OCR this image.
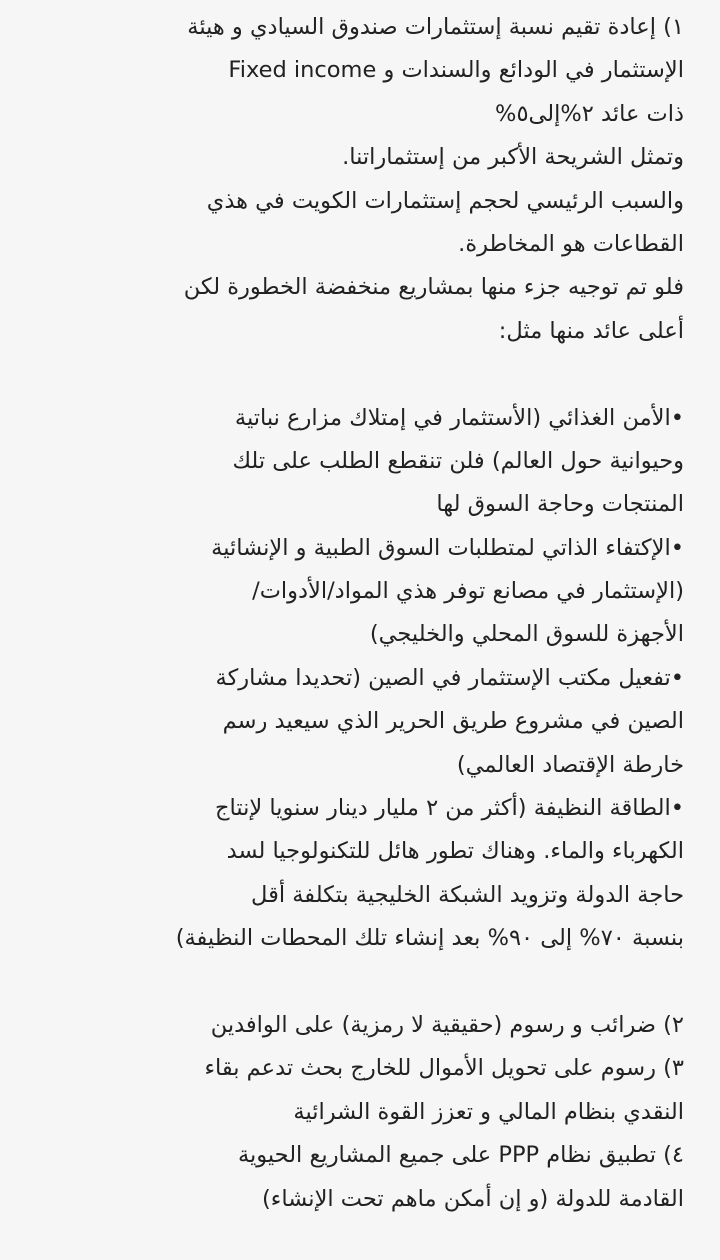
١) إعادة تقيم نسبة إستثمارات صندوق السيادي و هيئة
الإستثمار في الودائع والسندات و Fixed income
ذات عائد ٢%إلى٥%
وتمثل الشريحة الأكبر من إستثماراتنا.
والسبب الرئيسي لحجم إستثمارات الكويت في هذي
القطاعات هو المخاطرة.
فلو تم توجيه جزء منها بمشاريع منخفضة الخطورة لكن
أعلى عائد منها مثل:
•الأمن الغذائي (الأستثمار في إمتلاك مزارع نباتية
وحيوانية حول العالم) فلن تنقطع الطلب على تلك
المنتجات وحاجة السوق لها
•الإكتفاء الذاتي لمتطلبات السوق الطبية و الإنشائية
(الإستثمار في مصانع توفر هذي المواد/الأدوات/
الأجهزة للسوق المحلي والخليجي)
•تفعيل مكتب الإستثمار في الصين (تحديدا مشاركة
الصين في مشروع طريق الحرير الذي سيعيد رسم
خارطة الإقتصاد العالمي)
•الطاقة النظيفة (أكثر من ٢ مليار دينار سنويا لإنتاج
الكهرباء والماء. وهناك تطور هائل للتكنولوجيا لسد
حاجة الدولة وتزويد الشبكة الخليجية بتكلفة أقل
بنسبة ٧٠% إلى ٩٠% بعد إنشاء تلك المحطات النظيفة)
٢) ضرائب و رسوم (حقيقية لا رمزية) على الوافدين
٣) رسوم على تحويل الأموال للخارج بحث تدعم بقاء
النقدي بنظام المالي و تعزز القوة الشرائية
٤) تطبيق نظام PPP على جميع المشاريع الحيوية
القادمة للدولة (و إن أمكن ماهم تحت الإنشاء)
